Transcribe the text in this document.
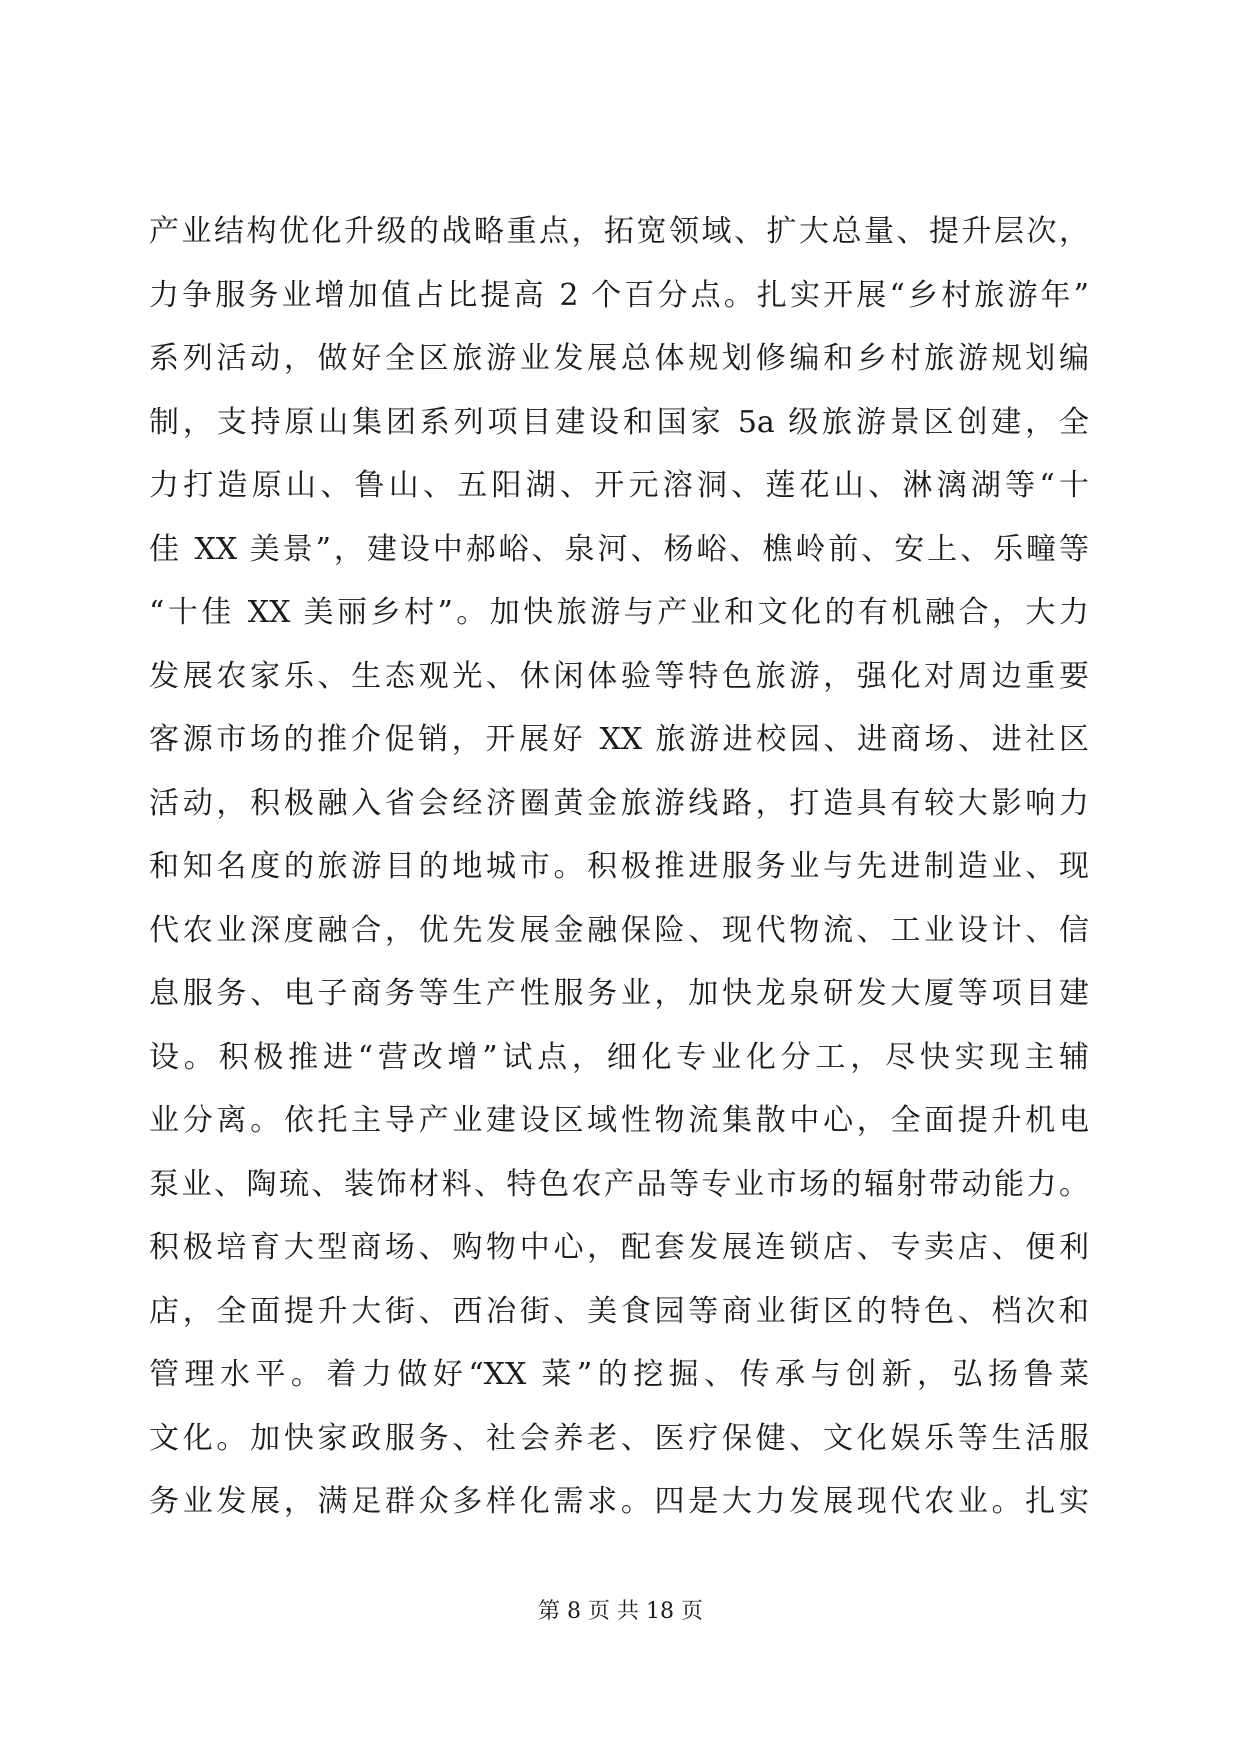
产业结构优化升级的战略重点，拓宽领域、扩大总量、提升层次，
力争服务业增加值占比提高 2 个百分点。扎实开展“乡村旅游年”
系列活动，做好全区旅游业发展总体规划修编和乡村旅游规划编
制，支持原山集团系列项目建设和国家 5a 级旅游景区创建，全
力打造原山、鲁山、五阳湖、开元溶洞、莲花山、淋漓湖等“十
佳 XX 美景”，建设中郝峪、泉河、杨峪、樵岭前、安上、乐疃等
“十佳 XX 美丽乡村”。加快旅游与产业和文化的有机融合，大力
发展农家乐、生态观光、休闲体验等特色旅游，强化对周边重要
客源市场的推介促销，开展好 XX 旅游进校园、进商场、进社区
活动，积极融入省会经济圈黄金旅游线路，打造具有较大影响力
和知名度的旅游目的地城市。积极推进服务业与先进制造业、现
代农业深度融合，优先发展金融保险、现代物流、工业设计、信
息服务、电子商务等生产性服务业，加快龙泉研发大厦等项目建
设。积极推进“营改增”试点，细化专业化分工，尽快实现主辅
业分离。依托主导产业建设区域性物流集散中心，全面提升机电
泵业、陶琉、装饰材料、特色农产品等专业市场的辐射带动能力。
积极培育大型商场、购物中心，配套发展连锁店、专卖店、便利
店，全面提升大街、西冶街、美食园等商业街区的特色、档次和
管理水平。着力做好“XX 菜”的挖掘、传承与创新，弘扬鲁菜
文化。加快家政服务、社会养老、医疗保健、文化娱乐等生活服
务业发展，满足群众多样化需求。四是大力发展现代农业。扎实
第 8 页 共 18 页
